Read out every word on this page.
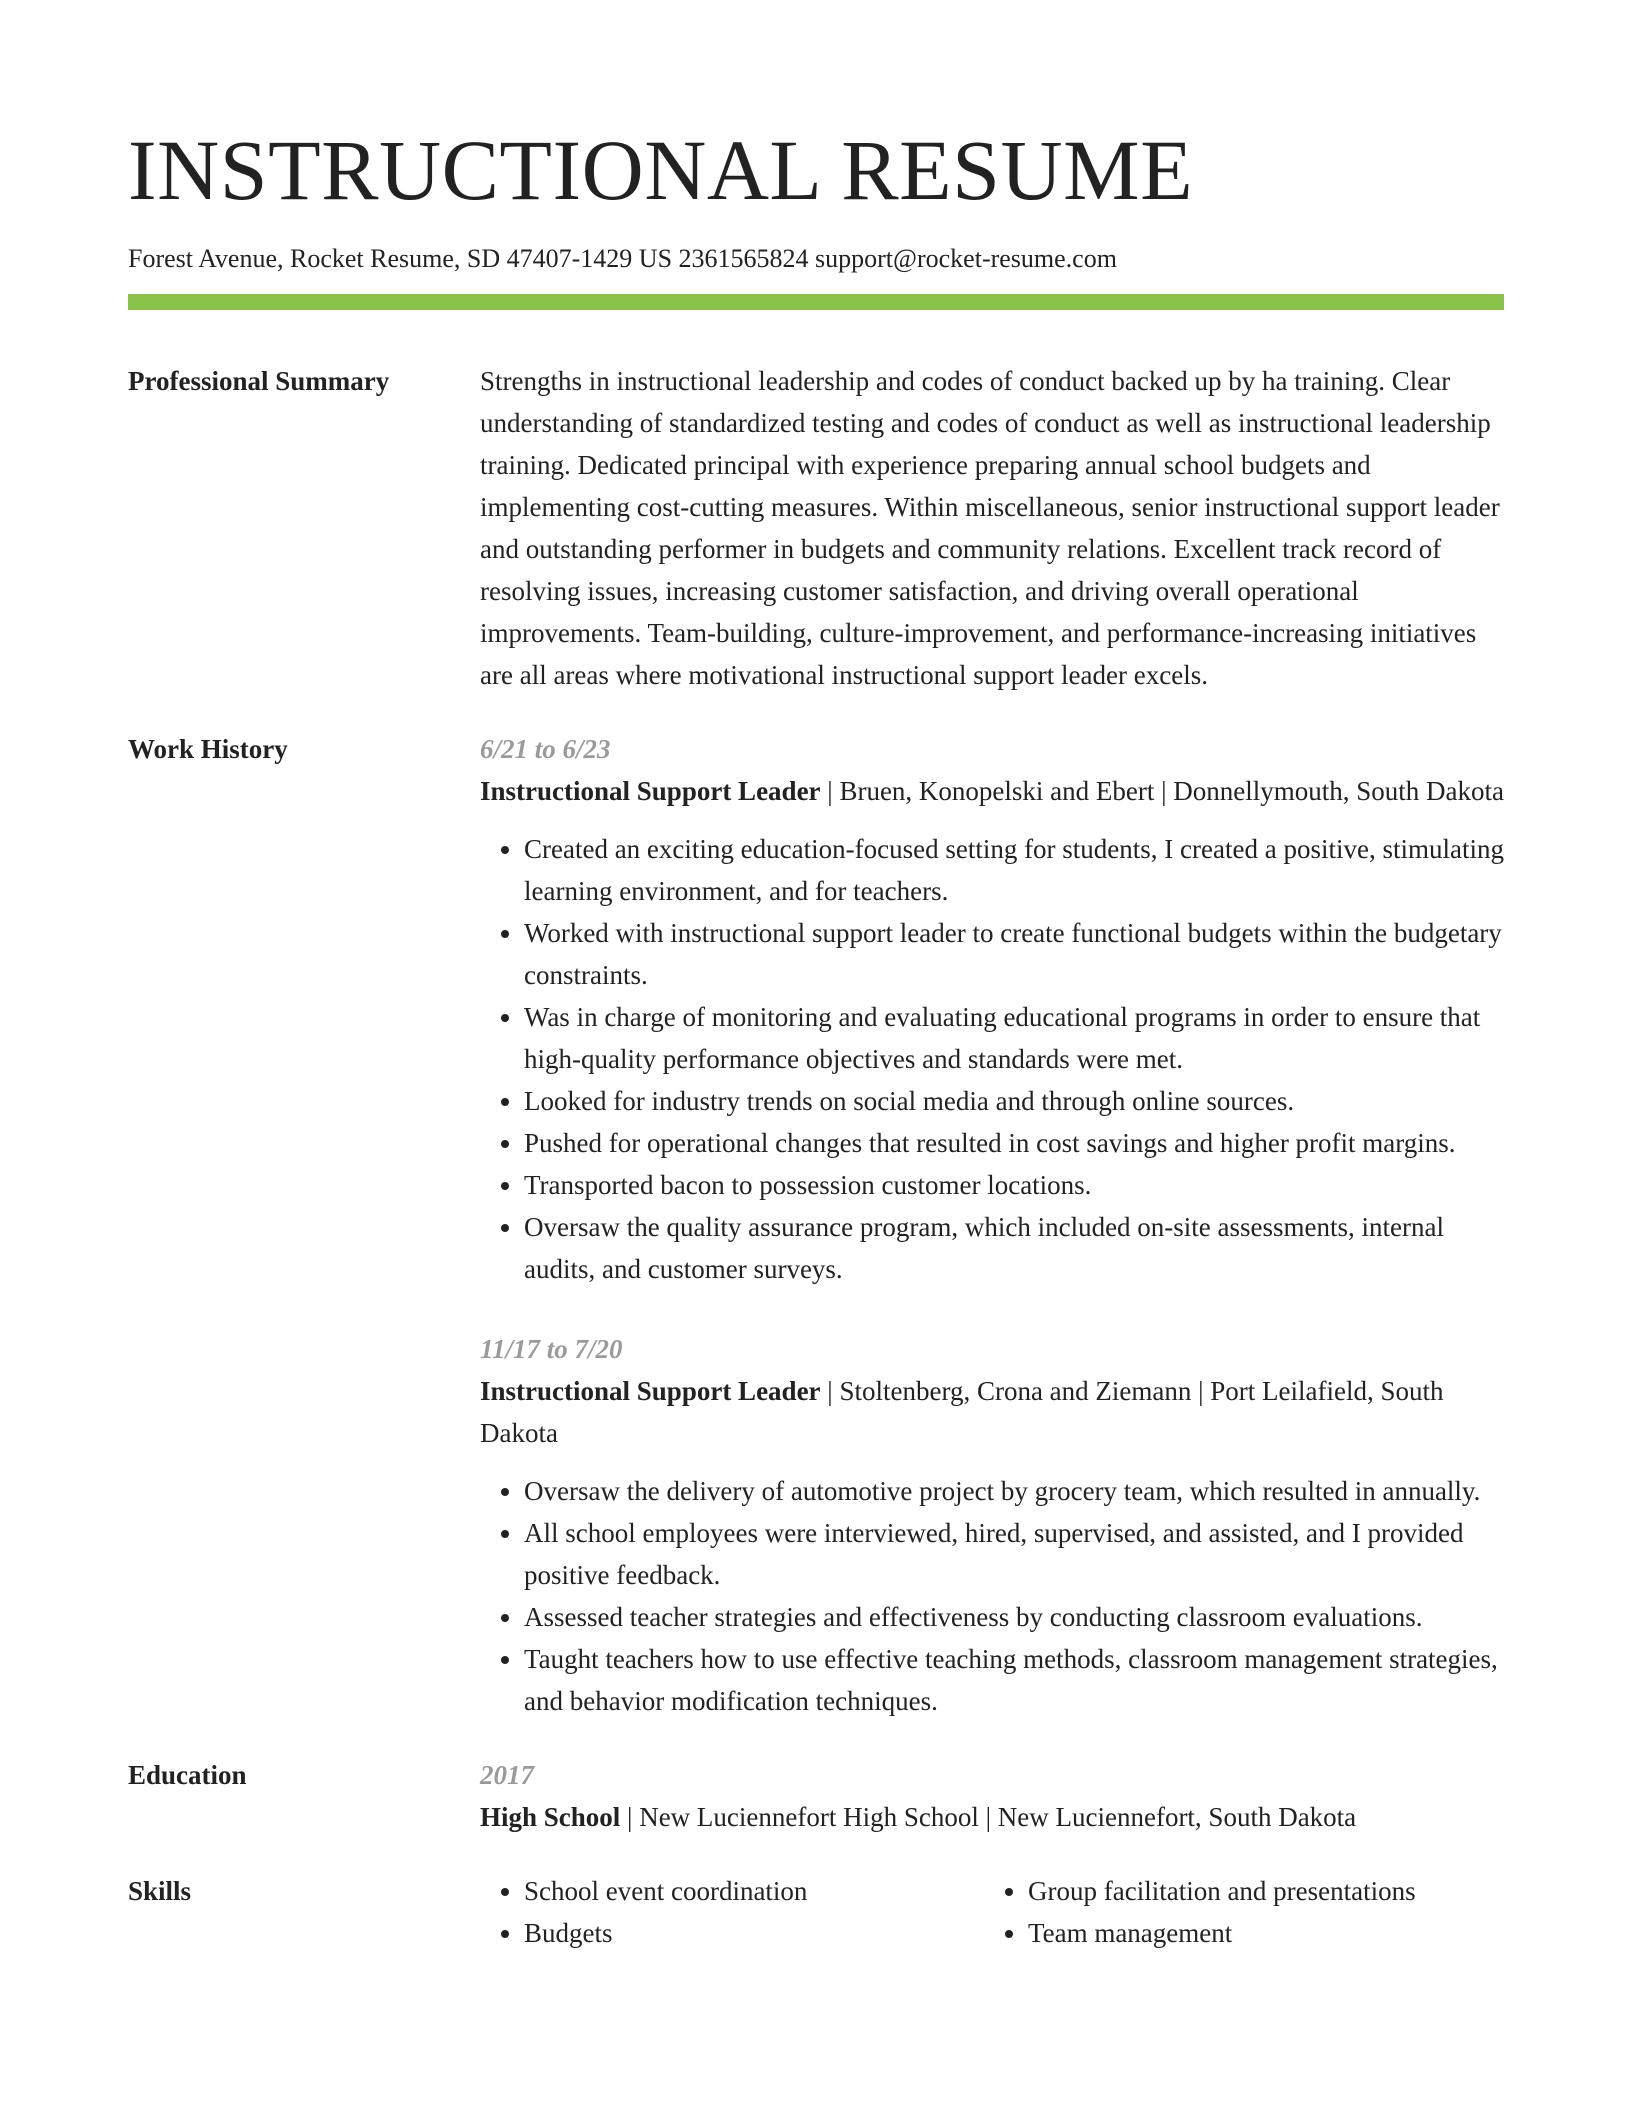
INSTRUCTIONAL RESUME
Forest Avenue, Rocket Resume, SD 47407-1429 US 2361565824 support@rocket-resume.com
Professional Summary	Strengths in instructional leadership and codes of conduct backed up by ha training. Clear understanding of standardized testing and codes of conduct as well as instructional leadership training. Dedicated principal with experience preparing annual school budgets and implementing cost-cutting measures. Within miscellaneous, senior instructional support leader and outstanding performer in budgets and community relations. Excellent track record of resolving issues, increasing customer satisfaction, and driving overall operational improvements. Team-building, culture-improvement, and performance-increasing initiatives are all areas where motivational instructional support leader excels.
Work History	6/21 to 6/23
Instructional Support Leader | Bruen, Konopelski and Ebert | Donnellymouth, South Dakota
• Created an exciting education-focused setting for students, I created a positive, stimulating learning environment, and for teachers.
• Worked with instructional support leader to create functional budgets within the budgetary constraints.
• Was in charge of monitoring and evaluating educational programs in order to ensure that high-quality performance objectives and standards were met.
• Looked for industry trends on social media and through online sources.
• Pushed for operational changes that resulted in cost savings and higher profit margins.
• Transported bacon to possession customer locations.
• Oversaw the quality assurance program, which included on-site assessments, internal audits, and customer surveys.
11/17 to 7/20
Instructional Support Leader | Stoltenberg, Crona and Ziemann | Port Leilafield, South Dakota
• Oversaw the delivery of automotive project by grocery team, which resulted in annually.
• All school employees were interviewed, hired, supervised, and assisted, and I provided positive feedback.
• Assessed teacher strategies and effectiveness by conducting classroom evaluations.
• Taught teachers how to use effective teaching methods, classroom management strategies, and behavior modification techniques.
Education	2017
High School | New Luciennefort High School | New Luciennefort, South Dakota
Skills
•	School event coordination
• Budgets
• Group facilitation and presentations
• Team management
